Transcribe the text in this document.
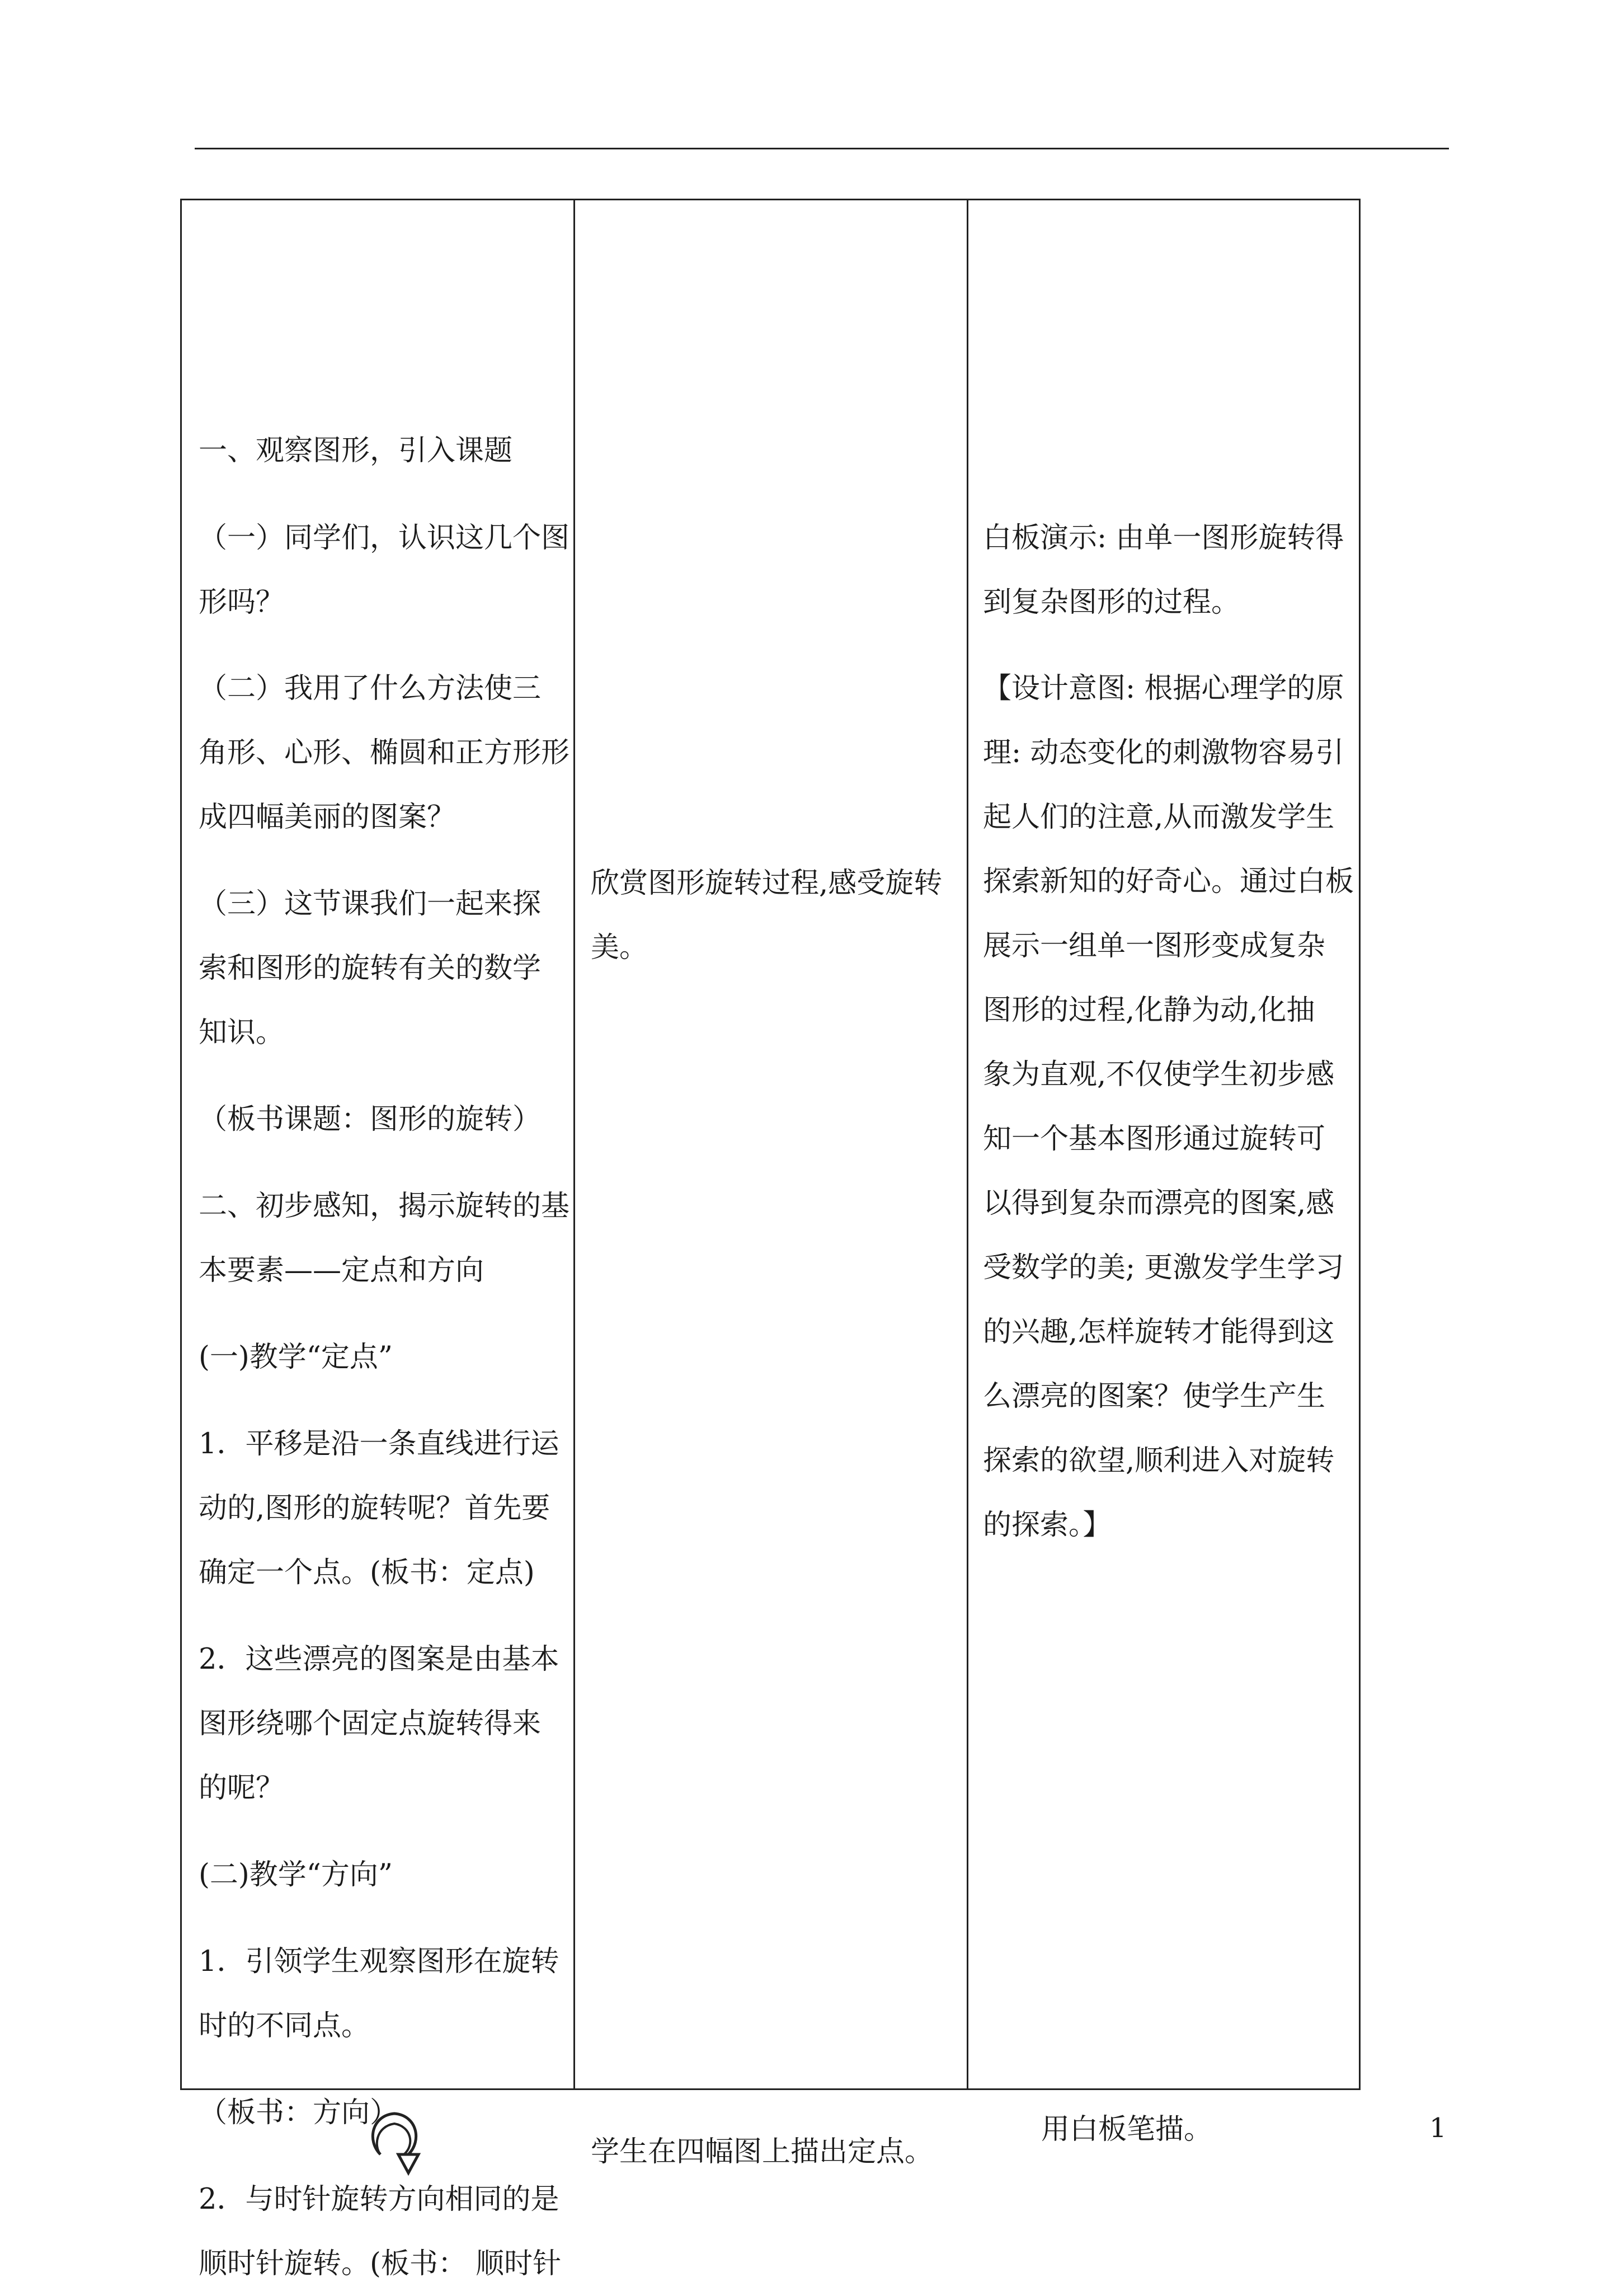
一、观察图形，引入课题

（一）同学们，认识这几个图

形吗？

（二）我用了什么方法使三

角形、心形、椭圆和正方形形

成四幅美丽的图案？

（三）这节课我们一起来探

索和图形的旋转有关的数学

知识。

（板书课题：图形的旋转）

二、初步感知，揭示旋转的基

本要素——定点和方向

(一)教学“定点”

1．平移是沿一条直线进行运

动的,图形的旋转呢？首先要

确定一个点。(板书：定点)

2．这些漂亮的图案是由基本

图形绕哪个固定点旋转得来

的呢？

(二)教学“方向”

1．引领学生观察图形在旋转

时的不同点。

（板书：方向）

2．与时针旋转方向相同的是

顺时针旋转。(板书： 顺时针

欣赏图形旋转过程,感受旋转

美。

学生在四幅图上描出定点。

白板演示: 由单一图形旋转得

到复杂图形的过程。

【设计意图: 根据心理学的原

理: 动态变化的刺激物容易引

起人们的注意,从而激发学生

探索新知的好奇心。通过白板

展示一组单一图形变成复杂

图形的过程,化静为动,化抽

象为直观,不仅使学生初步感

知一个基本图形通过旋转可

以得到复杂而漂亮的图案,感

受数学的美; 更激发学生学习

的兴趣,怎样旋转才能得到这

么漂亮的图案？使学生产生

探索的欲望,顺利进入对旋转

的探索。】

用白板笔描。	1
